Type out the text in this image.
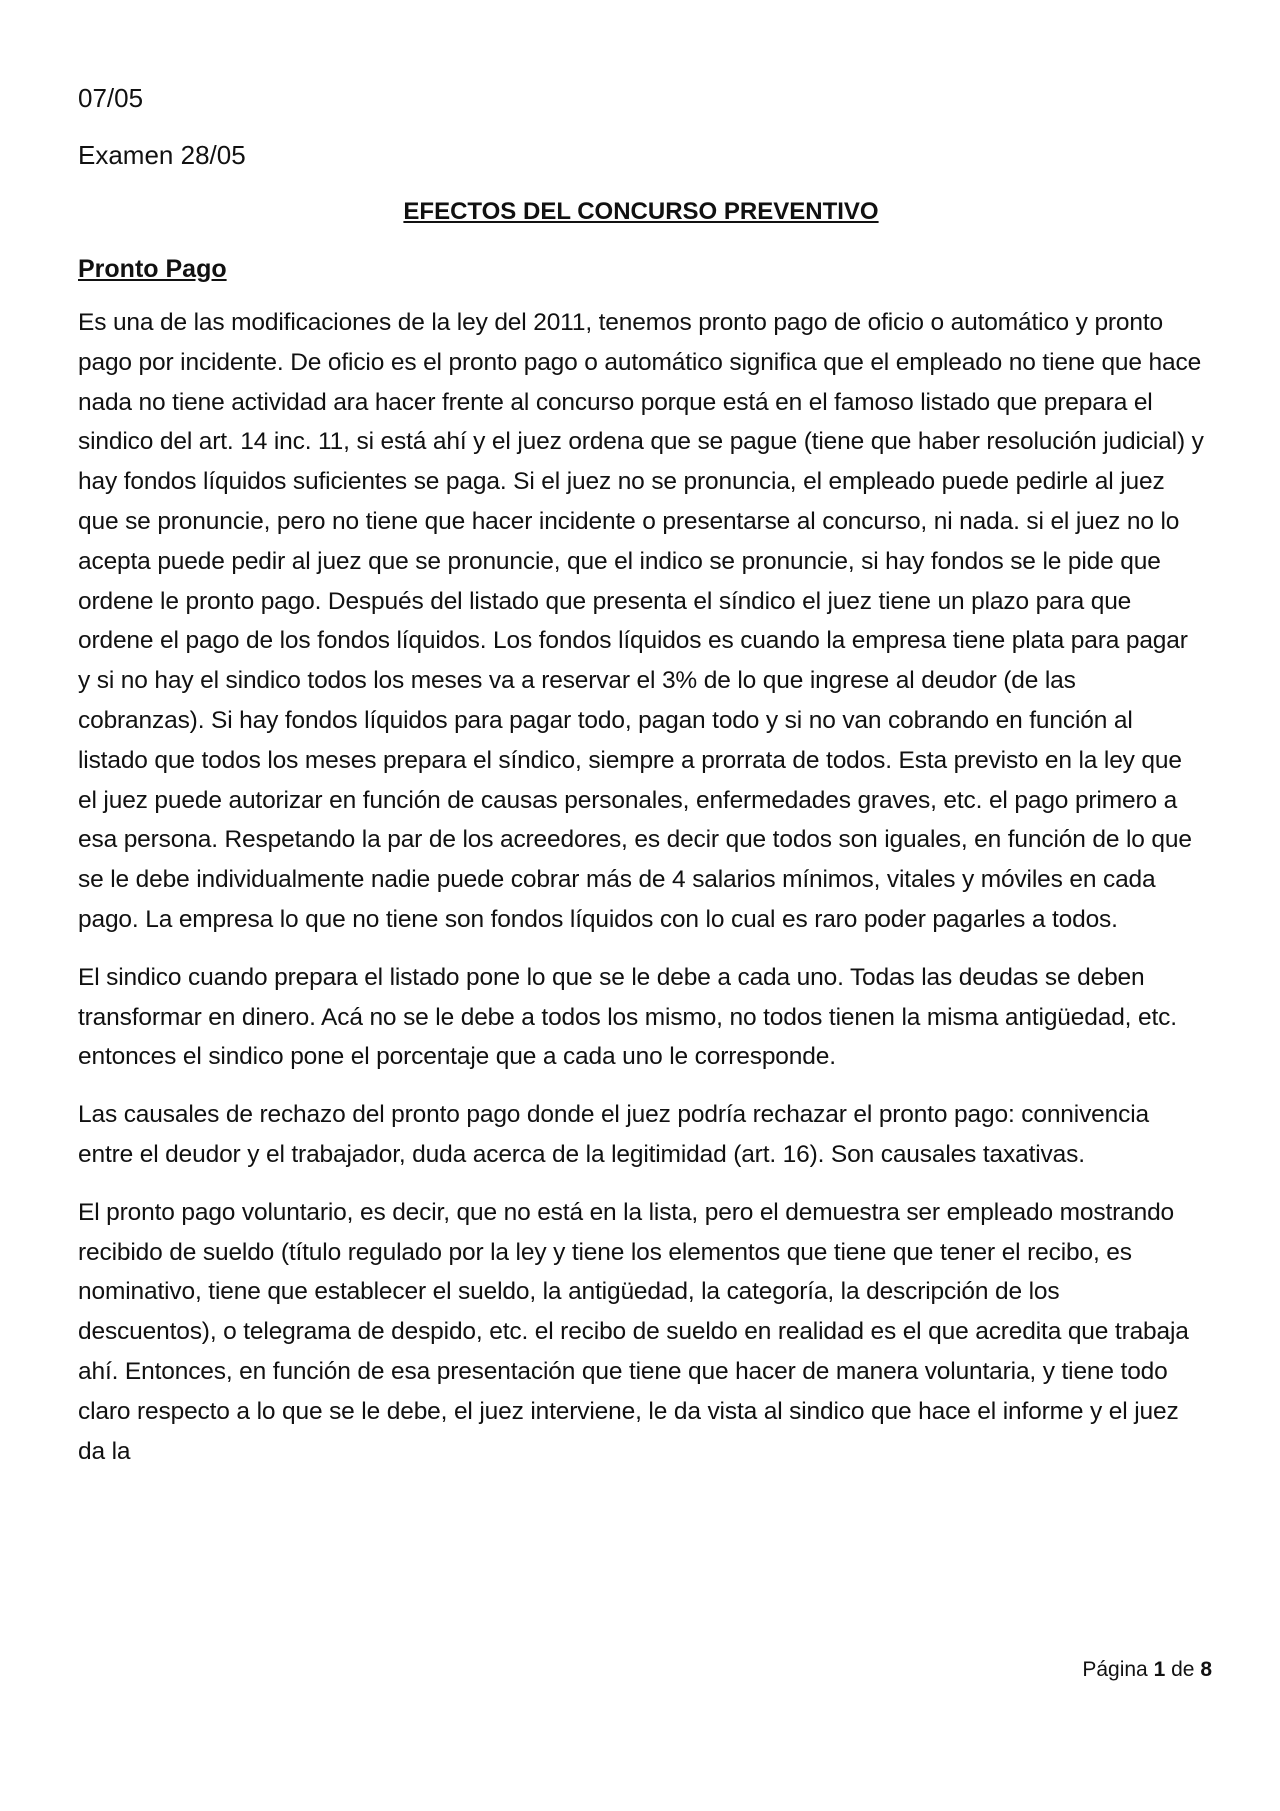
07/05
Examen 28/05
EFECTOS DEL CONCURSO PREVENTIVO
Pronto Pago

Es una de las modificaciones de la ley del 2011, tenemos pronto pago de oficio o automático y pronto pago por incidente. De oficio es el pronto pago o automático significa que el empleado no tiene que hace nada no tiene actividad ara hacer frente al concurso porque está en el famoso listado que prepara el sindico del art. 14 inc. 11, si está ahí y el juez ordena que se pague (tiene que haber resolución judicial) y hay fondos líquidos suficientes se paga. Si el juez no se pronuncia, el empleado puede pedirle al juez que se pronuncie, pero no tiene que hacer incidente o presentarse al concurso, ni nada. si el juez no lo acepta puede pedir al juez que se pronuncie, que el indico se pronuncie, si hay fondos se le pide que ordene le pronto pago. Después del listado que presenta el síndico el juez tiene un plazo para que ordene el pago de los fondos líquidos. Los fondos líquidos es cuando la empresa tiene plata para pagar y si no hay el sindico todos los meses va a reservar el 3% de lo que ingrese al deudor (de las cobranzas). Si hay fondos líquidos para pagar todo, pagan todo y si no van cobrando en función al listado que todos los meses prepara el síndico, siempre a prorrata de todos. Esta previsto en la ley que el juez puede autorizar en función de causas personales, enfermedades graves, etc. el pago primero a esa persona. Respetando la par de los acreedores, es decir que todos son iguales, en función de lo que se le debe individualmente nadie puede cobrar más de 4 salarios mínimos, vitales y móviles en cada pago. La empresa lo que no tiene son fondos líquidos con lo cual es raro poder pagarles a todos.

El sindico cuando prepara el listado pone lo que se le debe a cada uno. Todas las deudas se deben transformar en dinero. Acá no se le debe a todos los mismo, no todos tienen la misma antigüedad, etc. entonces el sindico pone el porcentaje que a cada uno le corresponde.

Las causales de rechazo del pronto pago donde el juez podría rechazar el pronto pago: connivencia entre el deudor y el trabajador, duda acerca de la legitimidad (art. 16). Son causales taxativas.

El pronto pago voluntario, es decir, que no está en la lista, pero el demuestra ser empleado mostrando recibido de sueldo (título regulado por la ley y tiene los elementos que tiene que tener el recibo, es nominativo, tiene que establecer el sueldo, la antigüedad, la categoría, la descripción de los descuentos), o telegrama de despido, etc. el recibo de sueldo en realidad es el que acredita que trabaja ahí. Entonces, en función de esa presentación que tiene que hacer de manera voluntaria, y tiene todo claro respecto a lo que se le debe, el juez interviene, le da vista al sindico que hace el informe y el juez da la

Página 1 de 8
